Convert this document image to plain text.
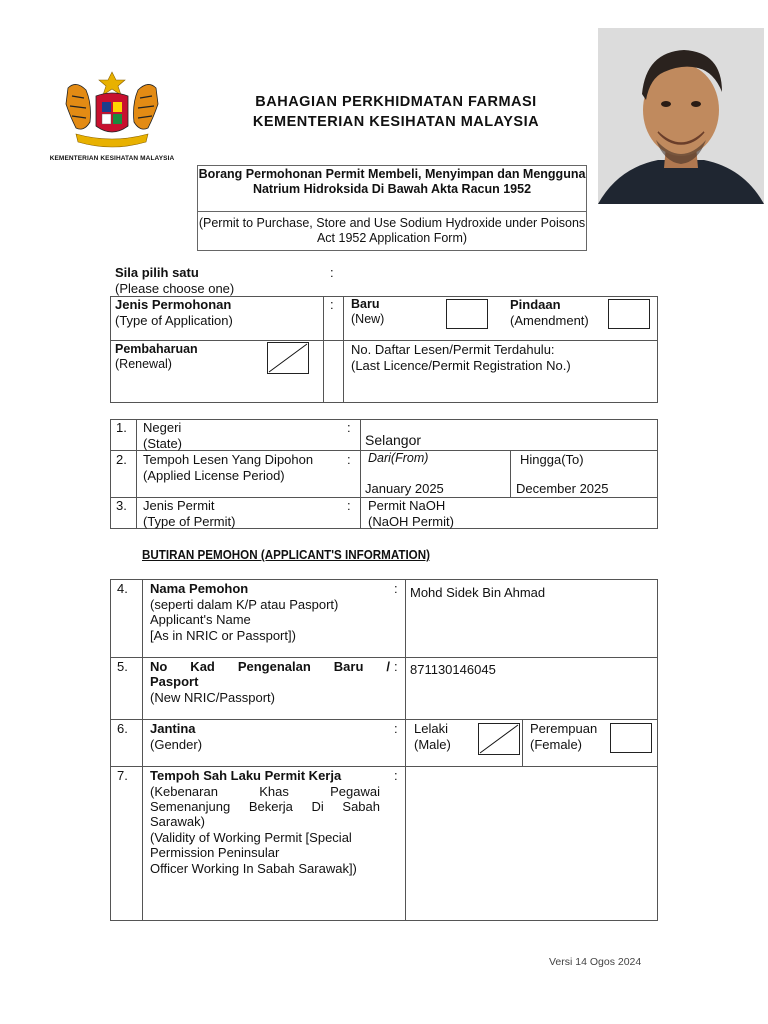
KEMENTERIAN KESIHATAN MALAYSIA
BAHAGIAN PERKHIDMATAN FARMASI
KEMENTERIAN KESIHATAN MALAYSIA
Borang Permohonan Permit Membeli, Menyimpan dan Mengguna Natrium Hidroksida Di Bawah Akta Racun 1952
(Permit to Purchase, Store and Use Sodium Hydroxide under Poisons Act 1952 Application Form)
Sila pilih satu	:
(Please choose one)
Jenis Permohonan
(Type of Application)
: Baru
(New)
Pindaan
(Amendment)
Pembaharuan
(Renewal)
No. Daftar Lesen/Permit Terdahulu:
(Last Licence/Permit Registration No.)
1. Negeri
(State)
:
Selangor
2. Tempoh Lesen Yang Dipohon
(Applied License Period)
: Dari(From)
January 2025
Hingga(To)
December 2025
3. Jenis Permit
(Type of Permit)
: Permit NaOH
(NaOH Permit)
BUTIRAN PEMOHON (APPLICANT'S INFORMATION)
4. Nama Pemohon
(seperti dalam K/P atau Pasport)
Applicant's Name
[As in NRIC or Passport])
: Mohd Sidek Bin Ahmad
5. No Kad Pengenalan Baru /
Pasport
(New NRIC/Passport)
: 871130146045
6. Jantina
(Gender)
: Lelaki
(Male)
Perempuan
(Female)
7. Tempoh Sah Laku Permit Kerja	:
(Kebenaran Khas Pegawai
Semenanjung Bekerja Di Sabah
Sarawak)
(Validity of Working Permit [Special
Permission Peninsular
Officer Working In Sabah Sarawak])
Versi 14 Ogos 2024
